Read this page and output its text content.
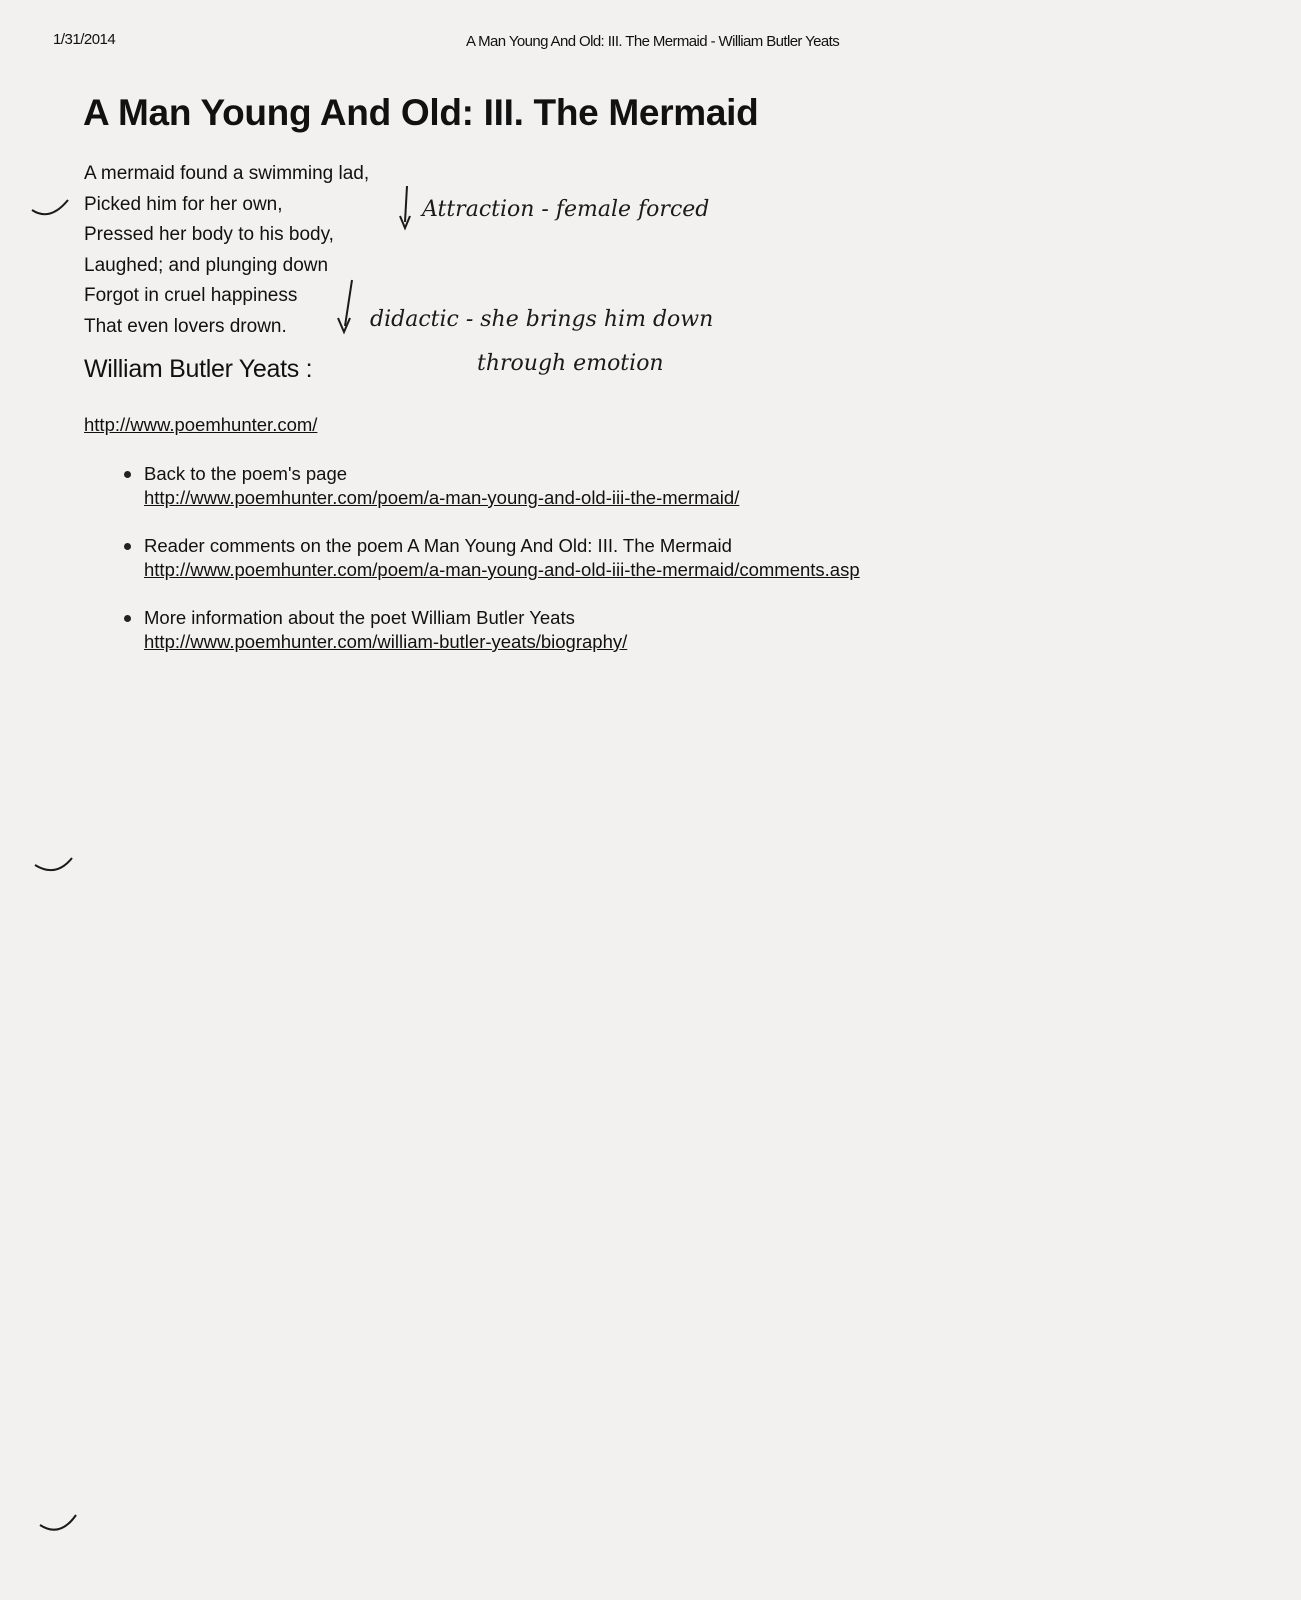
1/31/2014	A Man Young And Old: III. The Mermaid - William Butler Yeats
A Man Young And Old: III. The Mermaid
A mermaid found a swimming lad,
Picked him for her own,
Pressed her body to his body,
Laughed; and plunging down
Forgot in cruel happiness
That even lovers drown.
William Butler Yeats :
http://www.poemhunter.com/
Back to the poem's page
http://www.poemhunter.com/poem/a-man-young-and-old-iii-the-mermaid/
Reader comments on the poem A Man Young And Old: III. The Mermaid
http://www.poemhunter.com/poem/a-man-young-and-old-iii-the-mermaid/comments.asp
More information about the poet William Butler Yeats
http://www.poemhunter.com/william-butler-yeats/biography/
Attraction - female forced
didactic - she brings him down
through emotion
